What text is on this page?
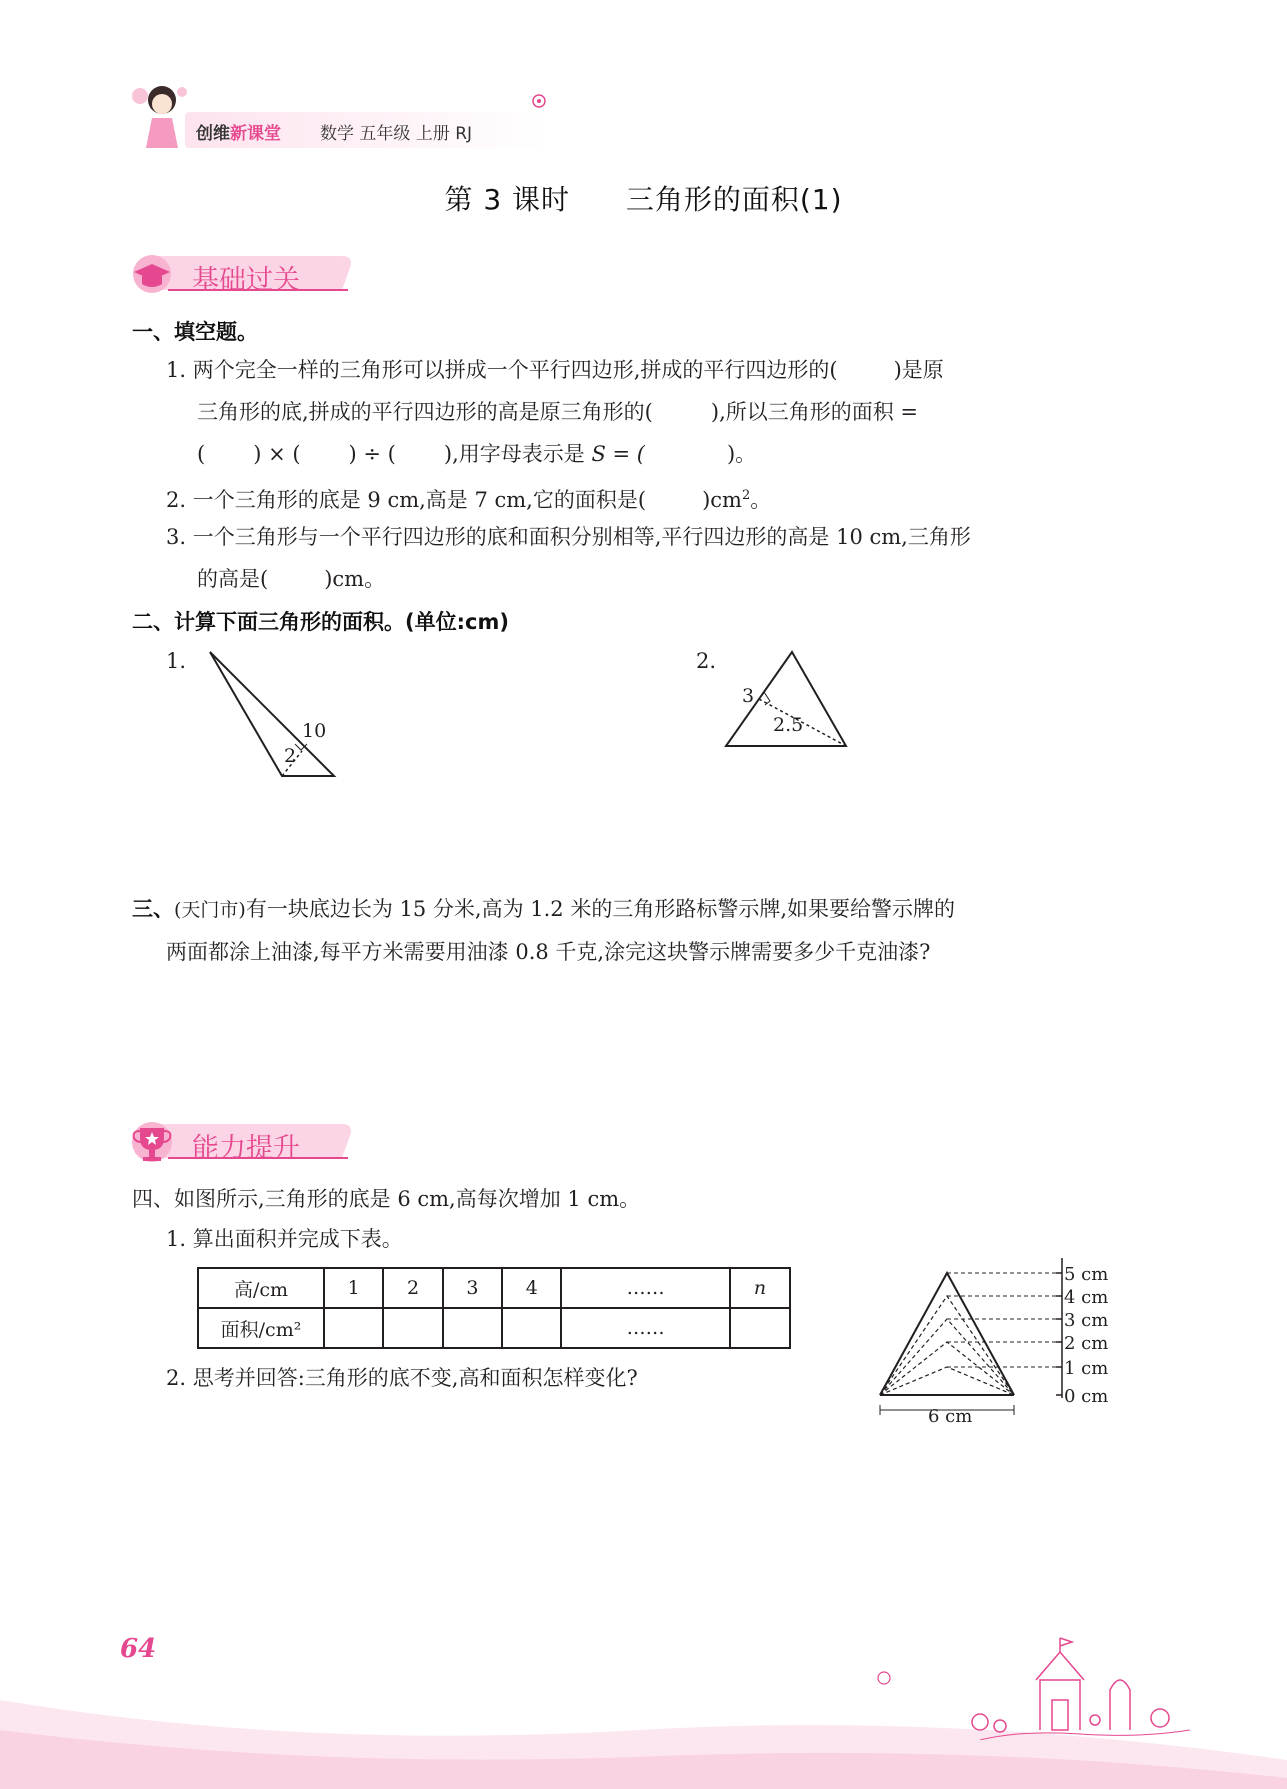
创维新课堂 数学 五年级 上册 RJ
第 3 课时 三角形的面积(1)
基础过关
一、填空题。
1. 两个完全一样的三角形可以拼成一个平行四边形,拼成的平行四边形的(	)是原
三角形的底,拼成的平行四边形的高是原三角形的(	),所以三角形的面积 =
( ) × ( ) ÷ ( ),用字母表示是 S = (	)。
2. 一个三角形的底是 9 cm,高是 7 cm,它的面积是(	)$cm^2$。
3. 一个三角形与一个平行四边形的底和面积分别相等,平行四边形的高是 10 cm,三角形
的高是(	)cm。
二、计算下面三角形的面积。(单位:cm)
1.
10
2
2.
3
2.5
三、(天门市)有一块底边长为 15 分米,高为 1.2 米的三角形路标警示牌,如果要给警示牌的
两面都涂上油漆,每平方米需要用油漆 0.8 千克,涂完这块警示牌需要多少千克油漆?
能力提升
四、如图所示,三角形的底是 6 cm,高每次增加 1 cm。
1. 算出面积并完成下表。
高/cm	1	2	3	4	……	n
面积/cm²					……	
2. 思考并回答:三角形的底不变,高和面积怎样变化?
5 cm
4 cm
3 cm
2 cm
1 cm
0 cm
6 cm
64
